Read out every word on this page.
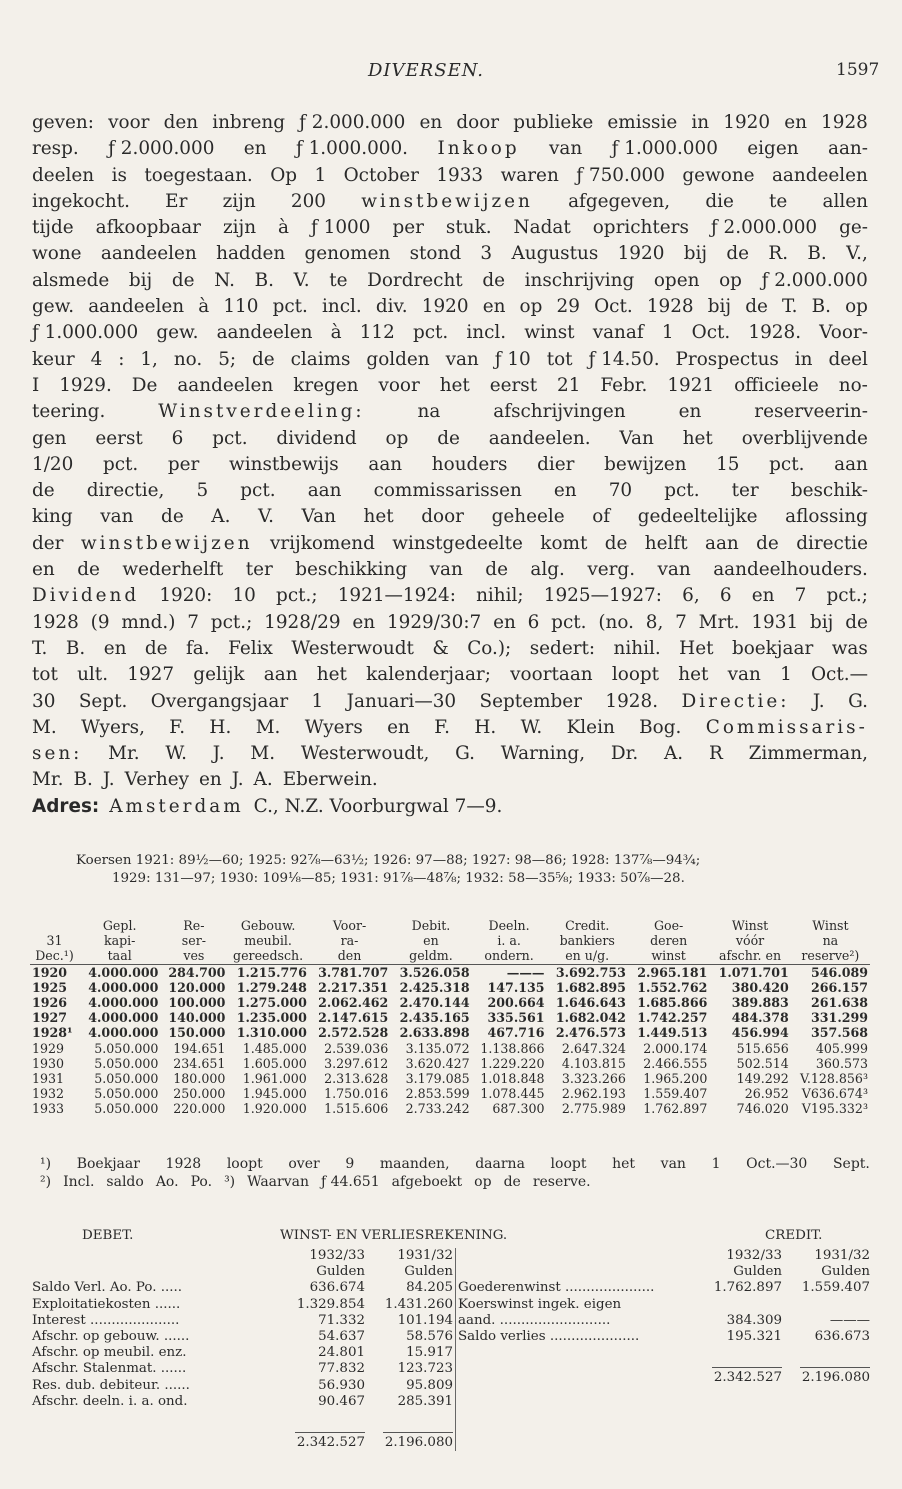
DIVERSEN.	1597
geven: voor den inbreng ƒ 2.000.000 en door publieke emissie in 1920 en 1928
resp. ƒ 2.000.000 en ƒ 1.000.000. Inkoop van ƒ 1.000.000 eigen aan-
deelen is toegestaan. Op 1 October 1933 waren ƒ 750.000 gewone aandeelen
ingekocht. Er zijn 200 winstbewijzen afgegeven, die te allen
tijde afkoopbaar zijn à ƒ 1000 per stuk. Nadat oprichters ƒ 2.000.000 ge-
wone aandeelen hadden genomen stond 3 Augustus 1920 bij de R. B. V.,
alsmede bij de N. B. V. te Dordrecht de inschrijving open op ƒ 2.000.000
gew. aandeelen à 110 pct. incl. div. 1920 en op 29 Oct. 1928 bij de T. B. op
ƒ 1.000.000 gew. aandeelen à 112 pct. incl. winst vanaf 1 Oct. 1928. Voor-
keur 4 : 1, no. 5; de claims golden van ƒ 10 tot ƒ 14.50. Prospectus in deel
I 1929. De aandeelen kregen voor het eerst 21 Febr. 1921 officieele no-
teering.	Winstverdeeling:	na	afschrijvingen	en	reserveerin-
gen eerst 6 pct. dividend op de aandeelen. Van het overblijvende
1/20 pct. per winstbewijs aan houders dier bewijzen 15 pct. aan
de directie, 5 pct. aan commissarissen en 70 pct. ter beschik-
king van de A. V. Van het door geheele of gedeeltelijke aflossing
der winstbewijzen vrijkomend winstgedeelte komt de helft aan de directie
en de wederhelft ter beschikking van de alg. verg. van aandeelhouders.
Dividend 1920: 10 pct.; 1921—1924: nihil; 1925—1927: 6, 6 en 7 pct.;
1928 (9 mnd.) 7 pct.; 1928/29 en 1929/30:7 en 6 pct. (no. 8, 7 Mrt. 1931 bij de
T. B. en de fa. Felix Westerwoudt & Co.); sedert: nihil. Het boekjaar was
tot ult. 1927 gelijk aan het kalenderjaar; voortaan loopt het van 1 Oct.—
30 Sept. Overgangsjaar 1 Januari—30 September 1928. Directie: J. G.
M. Wyers, F. H. M. Wyers en F. H. W. Klein Bog. Commissaris-
sen: Mr. W. J. M. Westerwoudt, G. Warning, Dr. A. R Zimmerman,
Mr. B. J. Verhey en J. A. Eberwein.
Adres: Amsterdam C., N.Z. Voorburgwal 7—9.
Koersen 1921: 89½—60; 1925: 92⅞—63½; 1926: 97—88; 1927: 98—86; 1928: 137⅞—94¾;
1929: 131—97; 1930: 109⅛—85; 1931: 91⅞—48⅞; 1932: 58—35⅝; 1933: 50⅞—28.
	Gepl.	Re-	Gebouw.	Voor-	Debit.	Deeln.	Credit.	Goe-	Winst	Winst
31	kapi-	ser-	meubil.	ra-	en	i. a.	bankiers	deren	vóór	na
Dec.¹)	taal	ves	gereedsch.	den	geldm.	ondern.	en u/g.	winst	afschr. en	reserve²)
1920	4.000.000	284.700	1.215.776	3.781.707	3.526.058	———	3.692.753	2.965.181	1.071.701	546.089
1925	4.000.000	120.000	1.279.248	2.217.351	2.425.318	147.135	1.682.895	1.552.762	380.420	266.157
1926	4.000.000	100.000	1.275.000	2.062.462	2.470.144	200.664	1.646.643	1.685.866	389.883	261.638
1927	4.000.000	140.000	1.235.000	2.147.615	2.435.165	335.561	1.682.042	1.742.257	484.378	331.299
1928¹	4.000.000	150.000	1.310.000	2.572.528	2.633.898	467.716	2.476.573	1.449.513	456.994	357.568
1929	5.050.000	194.651	1.485.000	2.539.036	3.135.072	1.138.866	2.647.324	2.000.174	515.656	405.999
1930	5.050.000	234.651	1.605.000	3.297.612	3.620.427	1.229.220	4.103.815	2.466.555	502.514	360.573
1931	5.050.000	180.000	1.961.000	2.313.628	3.179.085	1.018.848	3.323.266	1.965.200	149.292	V.128.856³
1932	5.050.000	250.000	1.945.000	1.750.016	2.853.599	1.078.445	2.962.193	1.559.407	26.952	V636.674³
1933	5.050.000	220.000	1.920.000	1.515.606	2.733.242	687.300	2.775.989	1.762.897	746.020	V195.332³
¹) Boekjaar 1928 loopt over 9 maanden, daarna loopt het van 1 Oct.—30 Sept.
²) Incl. saldo Ao. Po. ³) Waarvan ƒ 44.651 afgeboekt op de reserve.
DEBET.	WINST- EN VERLIESREKENING.	CREDIT.
	1932/33	1931/32
	Gulden	Gulden
Saldo Verl. Ao. Po. .....	636.674	84.205
Exploitatiekosten ......	1.329.854	1.431.260
Interest .....................	71.332	101.194
Afschr. op gebouw. ......	54.637	58.576
Afschr. op meubil. enz.	24.801	15.917
Afschr. Stalenmat. ......	77.832	123.723
Res. dub. debiteur. ......	56.930	95.809
Afschr. deeln. i. a. ond.	90.467	285.391
	2.342.527	2.196.080
	1932/33	1931/32
	Gulden	Gulden
Goederenwinst .....................	1.762.897	1.559.407
Koerswinst ingek. eigen		
aand. ..........................	384.309	———
Saldo verlies .....................	195.321	636.673
	2.342.527	2.196.080
